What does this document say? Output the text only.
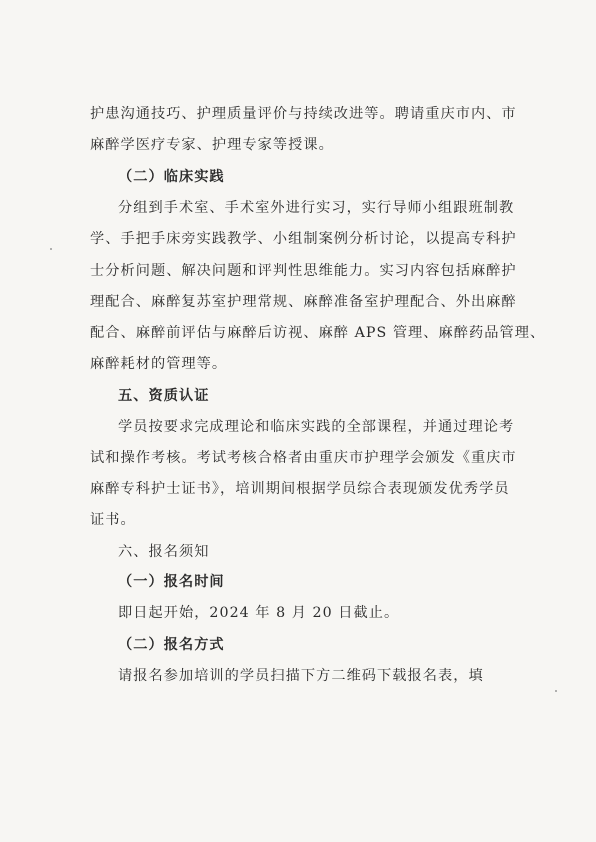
护患沟通技巧、护理质量评价与持续改进等。聘请重庆市内、市
麻醉学医疗专家、护理专家等授课。
（二）临床实践
分组到手术室、手术室外进行实习，实行导师小组跟班制教
学、手把手床旁实践教学、小组制案例分析讨论，以提高专科护
士分析问题、解决问题和评判性思维能力。实习内容包括麻醉护
理配合、麻醉复苏室护理常规、麻醉准备室护理配合、外出麻醉
配合、麻醉前评估与麻醉后访视、麻醉 APS 管理、麻醉药品管理、
麻醉耗材的管理等。
五、资质认证
学员按要求完成理论和临床实践的全部课程，并通过理论考
试和操作考核。考试考核合格者由重庆市护理学会颁发《重庆市
麻醉专科护士证书》，培训期间根据学员综合表现颁发优秀学员
证书。
六、报名须知
（一）报名时间
即日起开始，2024 年 8 月 20 日截止。
（二）报名方式
请报名参加培训的学员扫描下方二维码下载报名表，填
